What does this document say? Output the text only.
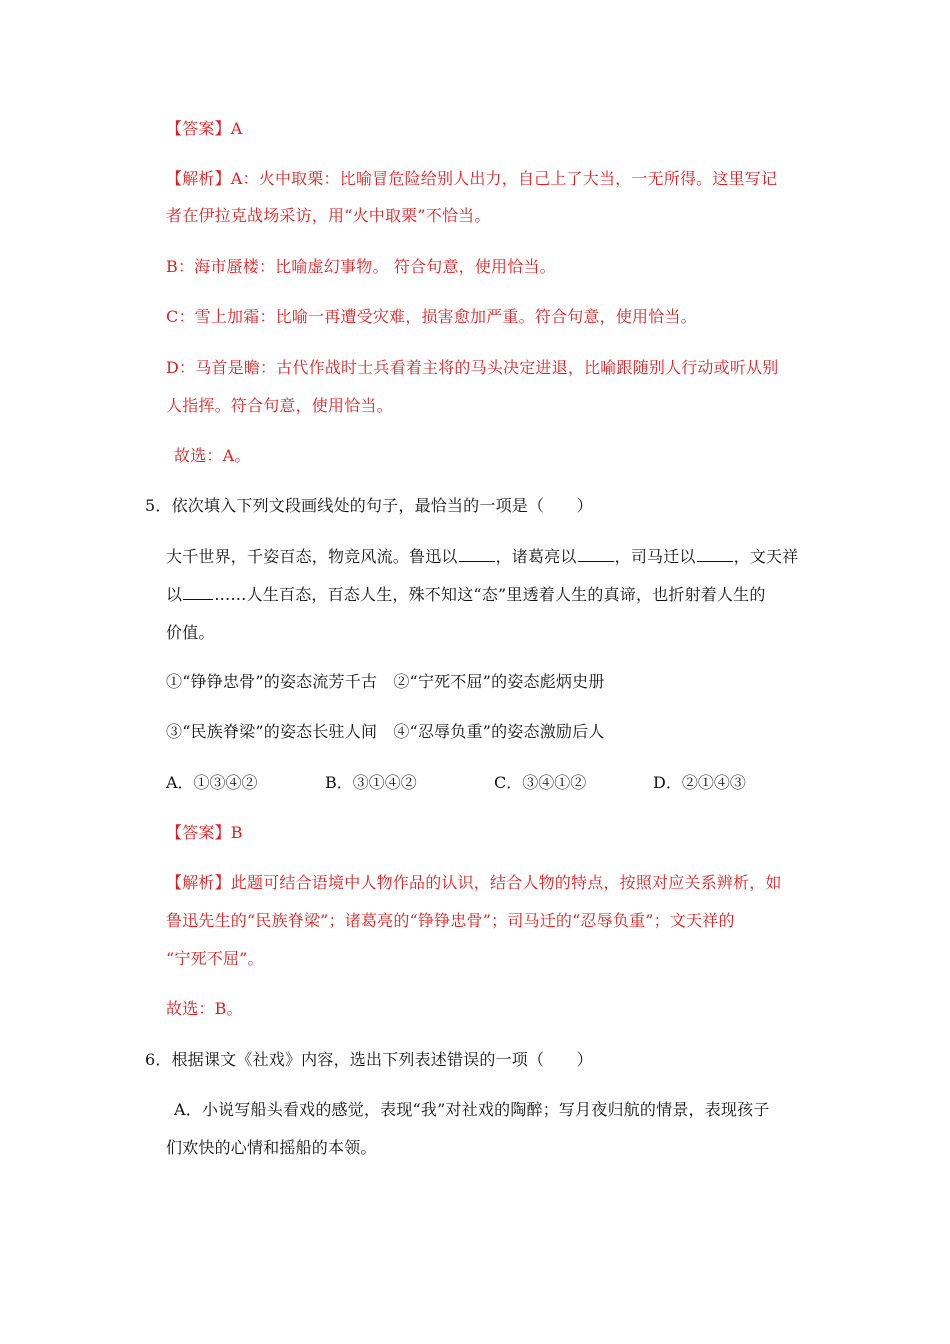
【答案】A
【解析】A：火中取栗：比喻冒危险给别人出力，自己上了大当，一无所得。这里写记
者在伊拉克战场采访，用“火中取栗”不恰当。
B：海市蜃楼：比喻虚幻事物。 符合句意，使用恰当。
C：雪上加霜：比喻一再遭受灾难，损害愈加严重。符合句意，使用恰当。
D：马首是瞻：古代作战时士兵看着主将的马头决定进退，比喻跟随别人行动或听从别
人指挥。符合句意，使用恰当。
故选：A。
5．依次填入下列文段画线处的句子，最恰当的一项是（　　）
大千世界，千姿百态，物竞风流。鲁迅以 ，诸葛亮以 ，司马迁以 ，文天祥
以 ……人生百态，百态人生，殊不知这“态”里透着人生的真谛，也折射着人生的
价值。
①“铮铮忠骨”的姿态流芳千古　②“宁死不屈”的姿态彪炳史册
③“民族脊梁”的姿态长驻人间　④“忍辱负重”的姿态激励后人
A．①③④②	B．③①④②	C．③④①②	D．②①④③
【答案】B
【解析】此题可结合语境中人物作品的认识，结合人物的特点，按照对应关系辨析，如
鲁迅先生的“民族脊梁”；诸葛亮的“铮铮忠骨”；司马迁的“忍辱负重”；文天祥的
“宁死不屈”。
故选：B。
6．根据课文《社戏》内容，选出下列表述错误的一项（　　）
A．小说写船头看戏的感觉，表现“我”对社戏的陶醉；写月夜归航的情景，表现孩子
们欢快的心情和摇船的本领。
